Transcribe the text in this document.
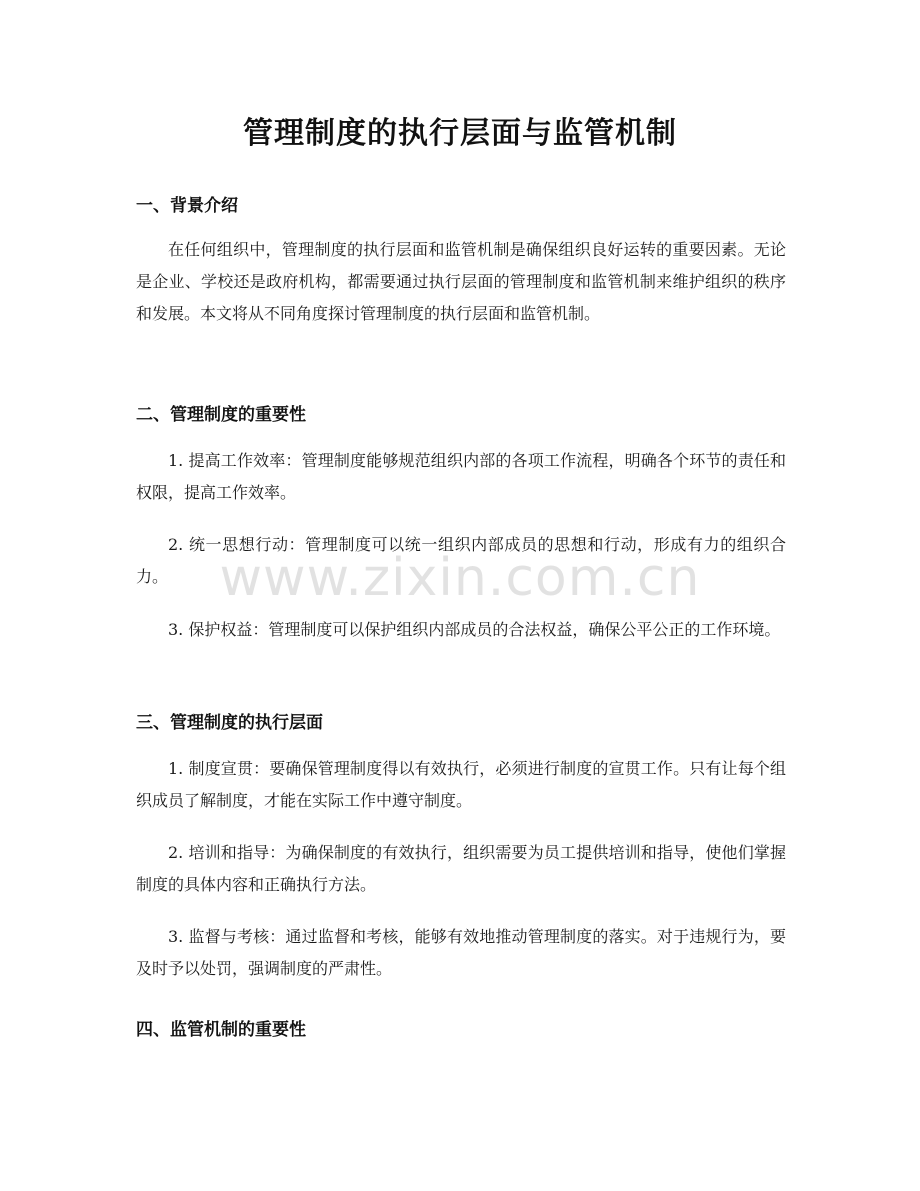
管理制度的执行层面与监管机制
一、背景介绍

在任何组织中，管理制度的执行层面和监管机制是确保组织良好运转的重要因素。无论是企业、学校还是政府机构，都需要通过执行层面的管理制度和监管机制来维护组织的秩序和发展。本文将从不同角度探讨管理制度的执行层面和监管机制。

二、管理制度的重要性

1. 提高工作效率：管理制度能够规范组织内部的各项工作流程，明确各个环节的责任和权限，提高工作效率。

2. 统一思想行动：管理制度可以统一组织内部成员的思想和行动，形成有力的组织合力。

3. 保护权益：管理制度可以保护组织内部成员的合法权益，确保公平公正的工作环境。

三、管理制度的执行层面

1. 制度宣贯：要确保管理制度得以有效执行，必须进行制度的宣贯工作。只有让每个组织成员了解制度，才能在实际工作中遵守制度。

2. 培训和指导：为确保制度的有效执行，组织需要为员工提供培训和指导，使他们掌握制度的具体内容和正确执行方法。

3. 监督与考核：通过监督和考核，能够有效地推动管理制度的落实。对于违规行为，要及时予以处罚，强调制度的严肃性。

四、监管机制的重要性
www.zixin.com.cn
